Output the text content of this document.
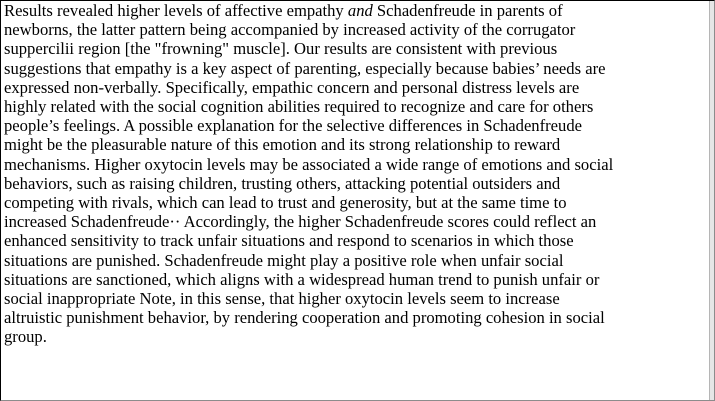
Results revealed higher levels of affective empathy and Schadenfreude in parents of
newborns, the latter pattern being accompanied by increased activity of the corrugator
suppercilii region [the "frowning" muscle]. Our results are consistent with previous
suggestions that empathy is a key aspect of parenting, especially because babies’ needs are
expressed non-verbally. Specifically, empathic concern and personal distress levels are
highly related with the social cognition abilities required to recognize and care for others
people’s feelings. A possible explanation for the selective differences in Schadenfreude
might be the pleasurable nature of this emotion and its strong relationship to reward
mechanisms. Higher oxytocin levels may be associated a wide range of emotions and social
behaviors, such as raising children, trusting others, attacking potential outsiders and
competing with rivals, which can lead to trust and generosity, but at the same time to
increased Schadenfreude·· Accordingly, the higher Schadenfreude scores could reflect an
enhanced sensitivity to track unfair situations and respond to scenarios in which those
situations are punished. Schadenfreude might play a positive role when unfair social
situations are sanctioned, which aligns with a widespread human trend to punish unfair or
social inappropriate Note, in this sense, that higher oxytocin levels seem to increase
altruistic punishment behavior, by rendering cooperation and promoting cohesion in social
group.
